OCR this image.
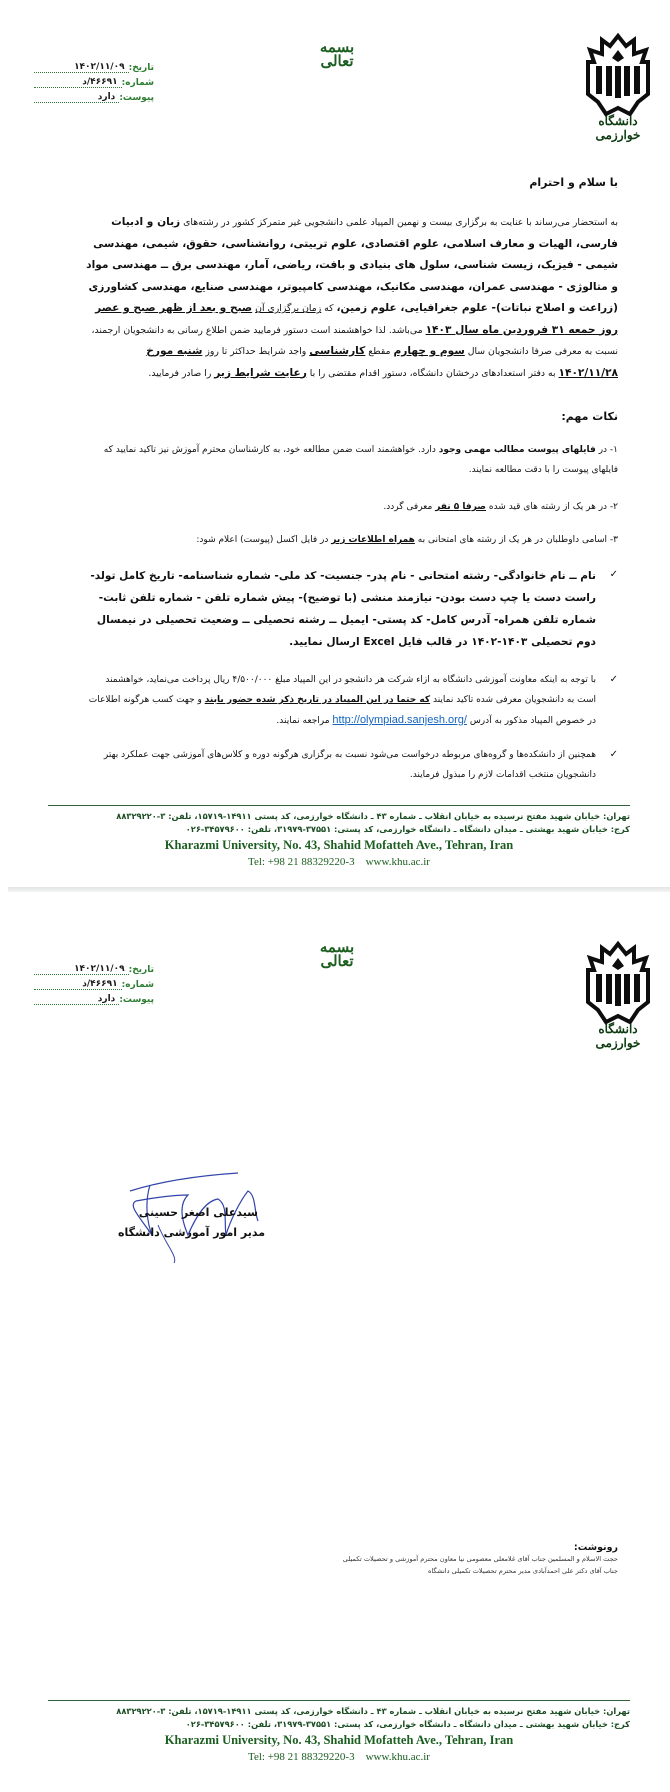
دانشگاه خوارزمی
بسمه تعالی
تاریخ:
۱۴۰۲/۱۱/۰۹
شماره:
۴۶۶۹۱/د
پیوست:
دارد
با سلام و احترام
به استحضار می‌رساند با عنایت به برگزاری بیست و نهمین المپیاد علمی دانشجویی غیر متمرکز کشور در رشته‌های زبان و ادبیات فارسی، الهیات و معارف اسلامی، علوم اقتصادی، علوم تربیتی، روانشناسی، حقوق، شیمی، مهندسی شیمی - فیزیک، زیست شناسی، سلول های بنیادی و بافت، ریاضی، آمار، مهندسی برق ــ مهندسی مواد و متالوژی - مهندسی عمران، مهندسی مکانیک، مهندسی کامپیوتر، مهندسی صنایع، مهندسی کشاورزی (زراعت و اصلاح نباتات)- علوم جغرافیایی، علوم زمین، که زمان برگزاری آن صبح و بعد از ظهر صبح و عصر روز جمعه ۳۱ فروردین ماه سال ۱۴۰۳ می‌باشد. لذا خواهشمند است دستور فرمایید ضمن اطلاع رسانی به دانشجویان ارجمند، نسبت به معرفی صرفا دانشجویان سال سوم و چهارم مقطع کارشناسی واجد شرایط حداکثر تا روز شنبه مورخ ۱۴۰۲/۱۱/۲۸ به دفتر استعدادهای درخشان دانشگاه، دستور اقدام مقتضی را با رعایت شرایط زیر را صادر فرمایید.
نکات مهم:
۱- در فایلهای پیوست مطالب مهمی وجود دارد. خواهشمند است ضمن مطالعه خود، به کارشناسان محترم آموزش نیز تاکید نمایید که فایلهای پیوست را با دقت مطالعه نمایند.
۲- در هر یک از رشته های قید شده صرفا ۵ نفر معرفی گردد.
۳- اسامی داوطلبان در هر یک از رشته های امتحانی به همراه اطلاعات زیر در فایل اکسل (پیوست) اعلام شود:
✓
نام ــ نام خانوادگی- رشته امتحانی - نام پدر- جنسیت- کد ملی- شماره شناسنامه- تاریخ کامل تولد- راست دست یا چپ دست بودن- نیازمند منشی (با توضیح)- پیش شماره تلفن - شماره تلفن ثابت- شماره تلفن همراه- آدرس کامل- کد پستی- ایمیل ــ رشته تحصیلی ــ وضعیت تحصیلی در نیمسال دوم تحصیلی ۱۴۰۳-۱۴۰۲ در قالب فایل Excel ارسال نمایید.
✓
با توجه به اینکه معاونت آموزشی دانشگاه به ازاء شرکت هر دانشجو در این المپیاد مبلغ ۴/۵۰۰/۰۰۰ ریال پرداخت می‌نماید، خواهشمند است به دانشجویان معرفی شده تاکید نمایند که حتما در این المپیاد در تاریخ ذکر شده حضور یابند و جهت کسب هرگونه اطلاعات در خصوص المپیاد مذکور به آدرس http://olympiad.sanjesh.org/ مراجعه نمایند.
✓
همچنین از دانشکده‌ها و گروه‌های مربوطه درخواست می‌شود نسبت به برگزاری هرگونه دوره و کلاس‌های آموزشی جهت عملکرد بهتر دانشجویان منتخب اقدامات لازم را مبذول فرمایند.
تهران: خیابان شهید مفتح نرسیده به خیابان انقلاب ـ شماره ۴۳ ـ دانشگاه خوارزمی، کد پستی ۱۴۹۱۱-۱۵۷۱۹، تلفن: ۳-۸۸۳۲۹۲۲۰
کرج: خیابان شهید بهشتی ـ میدان دانشگاه ـ دانشگاه خوارزمی، کد پستی: ۳۷۵۵۱-۳۱۹۷۹، تلفن: ۳۴۵۷۹۶۰۰-۰۲۶
Kharazmi University, No. 43, Shahid Mofatteh Ave., Tehran, Iran
Tel: +98 21 88329220-3 www.khu.ac.ir
دانشگاه خوارزمی
بسمه تعالی
تاریخ:
۱۴۰۲/۱۱/۰۹
شماره:
۴۶۶۹۱/د
پیوست:
دارد
سیدعلی اصغر حسینی
مدیر امور آموزشی دانشگاه
رونوشت:
حجت الاسلام و المسلمین جناب آقای غلامعلی معصومی نیا معاون محترم آموزشی و تحصیلات تکمیلی
جناب آقای دکتر علی احمدآبادی مدیر محترم تحصیلات تکمیلی دانشگاه
تهران: خیابان شهید مفتح نرسیده به خیابان انقلاب ـ شماره ۴۳ ـ دانشگاه خوارزمی، کد پستی ۱۴۹۱۱-۱۵۷۱۹، تلفن: ۳-۸۸۳۲۹۲۲۰
کرج: خیابان شهید بهشتی ـ میدان دانشگاه ـ دانشگاه خوارزمی، کد پستی: ۳۷۵۵۱-۳۱۹۷۹، تلفن: ۳۴۵۷۹۶۰۰-۰۲۶
Kharazmi University, No. 43, Shahid Mofatteh Ave., Tehran, Iran
Tel: +98 21 88329220-3 www.khu.ac.ir
